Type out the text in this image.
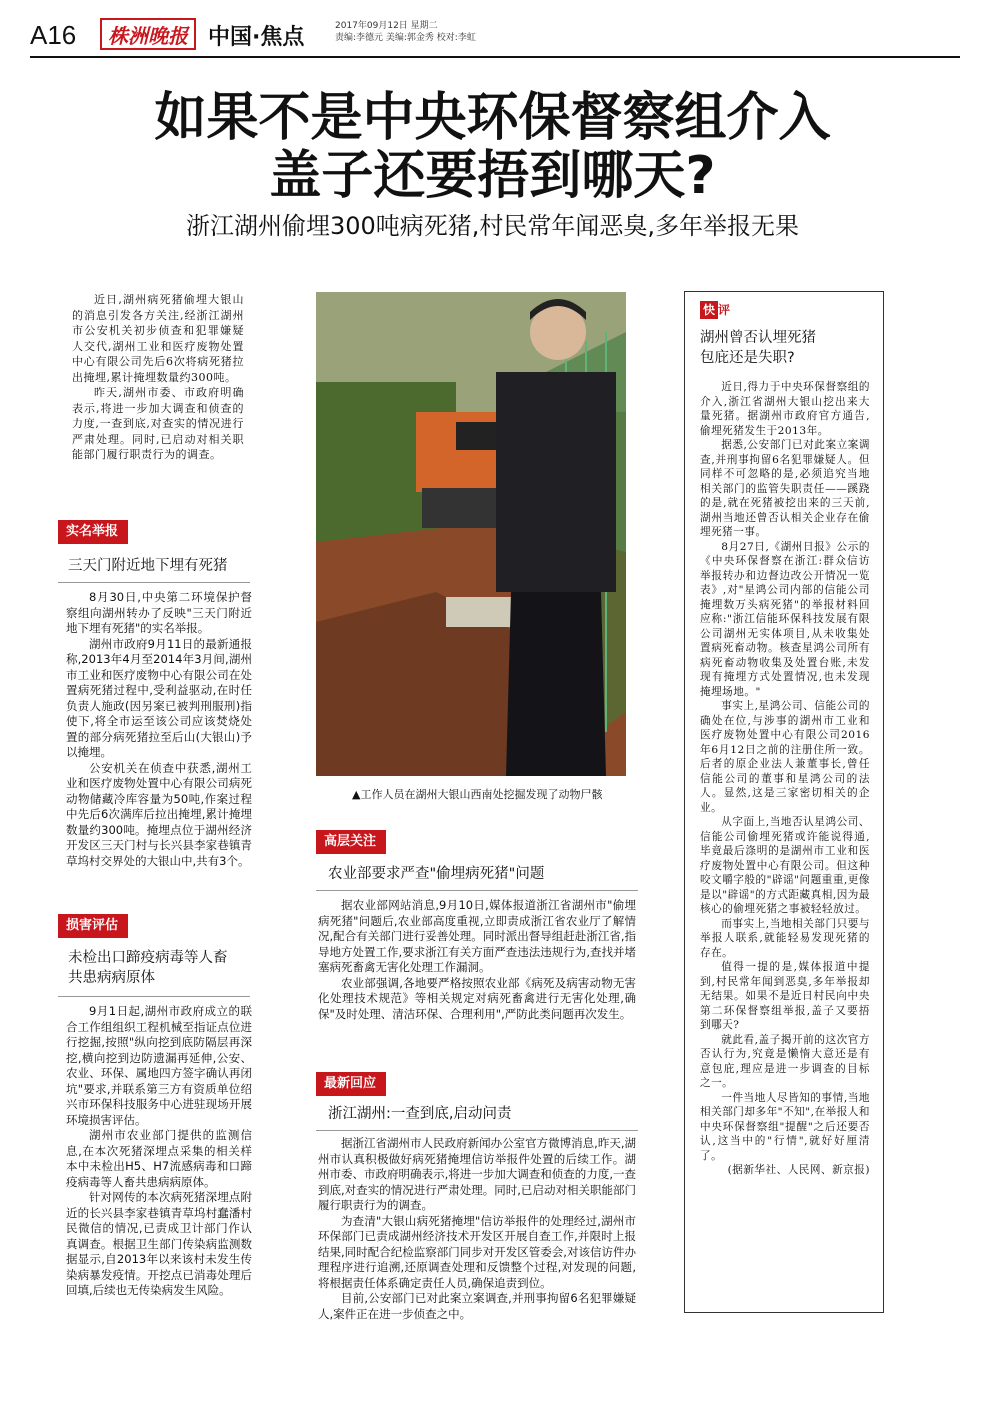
A16	株洲晚报 中国·焦点	2017年09月12日 星期二
责编:李德元 美编:郭金秀 校对:李虹
如果不是中央环保督察组介入
盖子还要捂到哪天?
浙江湖州偷埋300吨病死猪,村民常年闻恶臭,多年举报无果

近日,湖州病死猪偷埋大银山的消息引发各方关注,经浙江湖州市公安机关初步侦查和犯罪嫌疑人交代,湖州工业和医疗废物处置中心有限公司先后6次将病死猪拉出掩埋,累计掩埋数量约300吨。

昨天,湖州市委、市政府明确表示,将进一步加大调查和侦查的力度,一查到底,对查实的情况进行严肃处理。同时,已启动对相关职能部门履行职责行为的调查。

实名举报
三天门附近地下埋有死猪

8月30日,中央第二环境保护督察组向湖州转办了反映"三天门附近地下埋有死猪"的实名举报。

湖州市政府9月11日的最新通报称,2013年4月至2014年3月间,湖州市工业和医疗废物中心有限公司在处置病死猪过程中,受利益驱动,在时任负责人施政(因另案已被判刑服刑)指使下,将全市运至该公司应该焚烧处置的部分病死猪拉至后山(大银山)予以掩埋。

公安机关在侦查中获悉,湖州工业和医疗废物处置中心有限公司病死动物储藏冷库容量为50吨,作案过程中先后6次满库后拉出掩埋,累计掩埋数量约300吨。掩埋点位于湖州经济开发区三天门村与长兴县李家巷镇青草坞村交界处的大银山中,共有3个。

损害评估
未检出口蹄疫病毒等人畜
共患病病原体

9月1日起,湖州市政府成立的联合工作组组织工程机械至指证点位进行挖掘,按照"纵向挖到底防隔层再深挖,横向挖到边防遗漏再延伸,公安、农业、环保、属地四方签字确认再闭坑"要求,并联系第三方有资质单位绍兴市环保科技服务中心进驻现场开展环境损害评估。

湖州市农业部门提供的监测信息,在本次死猪深埋点采集的相关样本中未检出H5、H7流感病毒和口蹄疫病毒等人畜共患病病原体。

针对网传的本次病死猪深埋点附近的长兴县李家巷镇青草坞村蠢潘村民微信的情况,已责成卫计部门作认真调查。根据卫生部门传染病监测数据显示,自2013年以来该村未发生传染病暴发疫情。开挖点已消毒处理后回填,后续也无传染病发生风险。

▲工作人员在湖州大银山西南处挖掘发现了动物尸骸
高层关注
农业部要求严查"偷埋病死猪"问题

据农业部网站消息,9月10日,媒体报道浙江省湖州市"偷埋病死猪"问题后,农业部高度重视,立即责成浙江省农业厅了解情况,配合有关部门进行妥善处理。同时派出督导组赶赴浙江省,指导地方处置工作,要求浙江有关方面严查违法违规行为,查找并堵塞病死畜禽无害化处理工作漏洞。

农业部强调,各地要严格按照农业部《病死及病害动物无害化处理技术规范》等相关规定对病死畜禽进行无害化处理,确保"及时处理、清洁环保、合理利用",严防此类问题再次发生。

最新回应
浙江湖州:一查到底,启动问责

据浙江省湖州市人民政府新闻办公室官方微博消息,昨天,湖州市认真积极做好病死猪掩埋信访举报件处置的后续工作。湖州市委、市政府明确表示,将进一步加大调查和侦查的力度,一查到底,对查实的情况进行严肃处理。同时,已启动对相关职能部门履行职责行为的调查。

为查清"大银山病死猪掩埋"信访举报件的处理经过,湖州市环保部门已责成湖州经济技术开发区开展自查工作,并限时上报结果,同时配合纪检监察部门同步对开发区管委会,对该信访件办理程序进行追溯,还原调查处理和反馈整个过程,对发现的问题,将根据责任体系确定责任人员,确保追责到位。

目前,公安部门已对此案立案调查,并刑事拘留6名犯罪嫌疑人,案件正在进一步侦查之中。

快 评
湖州曾否认埋死猪
包庇还是失职?

近日,得力于中央环保督察组的介入,浙江省湖州大银山挖出来大量死猪。据湖州市政府官方通告,偷埋死猪发生于2013年。

据悉,公安部门已对此案立案调查,并刑事拘留6名犯罪嫌疑人。但同样不可忽略的是,必须追究当地相关部门的监管失职责任——蹊跷的是,就在死猪被挖出来的三天前,湖州当地还曾否认相关企业存在偷埋死猪一事。

8月27日,《湖州日报》公示的《中央环保督察在浙江:群众信访举报转办和边督边改公开情况一览表》,对"星鸿公司内部的信能公司掩埋数万头病死猪"的举报材料回应称:"浙江信能环保科技发展有限公司湖州无实体项目,从未收集处置病死畜动物。核查星鸿公司所有病死畜动物收集及处置台账,未发现有掩埋方式处置情况,也未发现掩埋场地。"

事实上,星鸿公司、信能公司的确处在位,与涉事的湖州市工业和医疗废物处置中心有限公司2016年6月12日之前的注册住所一致。后者的原企业法人兼董事长,曾任信能公司的董事和星鸿公司的法人。显然,这是三家密切相关的企业。

从字面上,当地否认星鸿公司、信能公司偷埋死猪或许能说得通,毕竟最后涤明的是湖州市工业和医疗废物处置中心有限公司。但这种咬文嚼字般的"辟谣"问题重重,更像是以"辟谣"的方式距藏真相,因为最核心的偷埋死猪之事被轻轻放过。

而事实上,当地相关部门只要与举报人联系,就能轻易发现死猪的存在。

值得一提的是,媒体报道中提到,村民常年闻到恶臭,多年举报却无结果。如果不是近日村民向中央第二环保督察组举报,盖子又要捂到哪天?

就此看,盖子揭开前的这次官方否认行为,究竟是懒惰大意还是有意包庇,理应是进一步调查的目标之一。

一件当地人尽皆知的事情,当地相关部门却多年"不知",在举报人和中央环保督察组"提醒"之后还要否认,这当中的"行情",就好好厘清了。

(据新华社、人民网、新京报)
